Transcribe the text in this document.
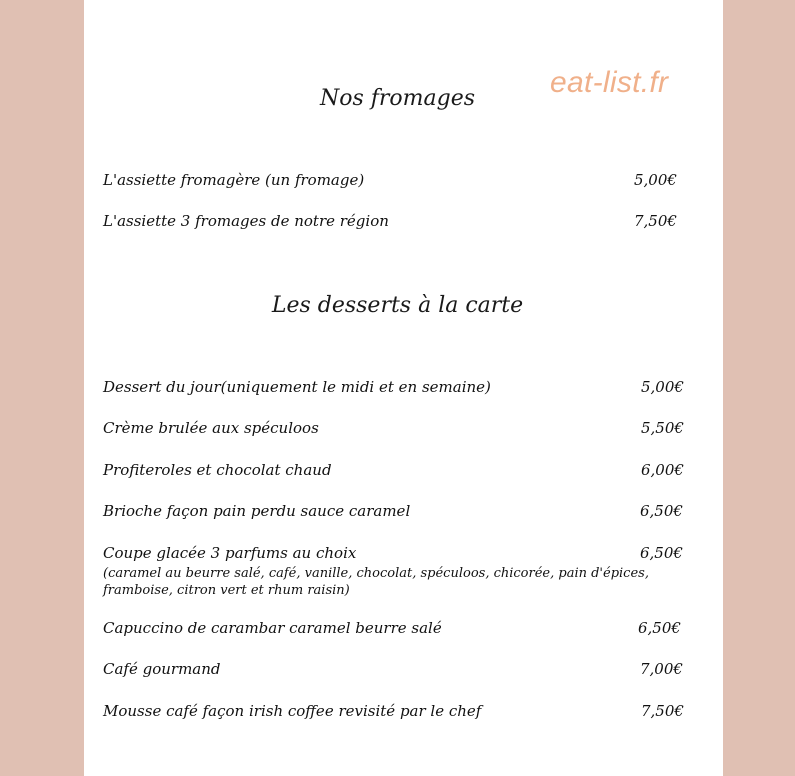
eat-list.fr
Nos fromages
L'assiette fromagère (un fromage)	5,00€
L'assiette 3 fromages de notre région	7,50€
Les desserts à la carte
Dessert du jour(uniquement le midi et en semaine)	5,00€
Crème brulée aux spéculoos	5,50€
Profiteroles et chocolat chaud	6,00€
Brioche façon pain perdu sauce caramel	6,50€
Coupe glacée 3 parfums au choix	6,50€
(caramel au beurre salé, café, vanille, chocolat, spéculoos, chicorée, pain d'épices, framboise, citron vert et rhum raisin)
Capuccino de carambar caramel beurre salé	6,50€
Café gourmand	7,00€
Mousse café façon irish coffee revisité par le chef	7,50€
